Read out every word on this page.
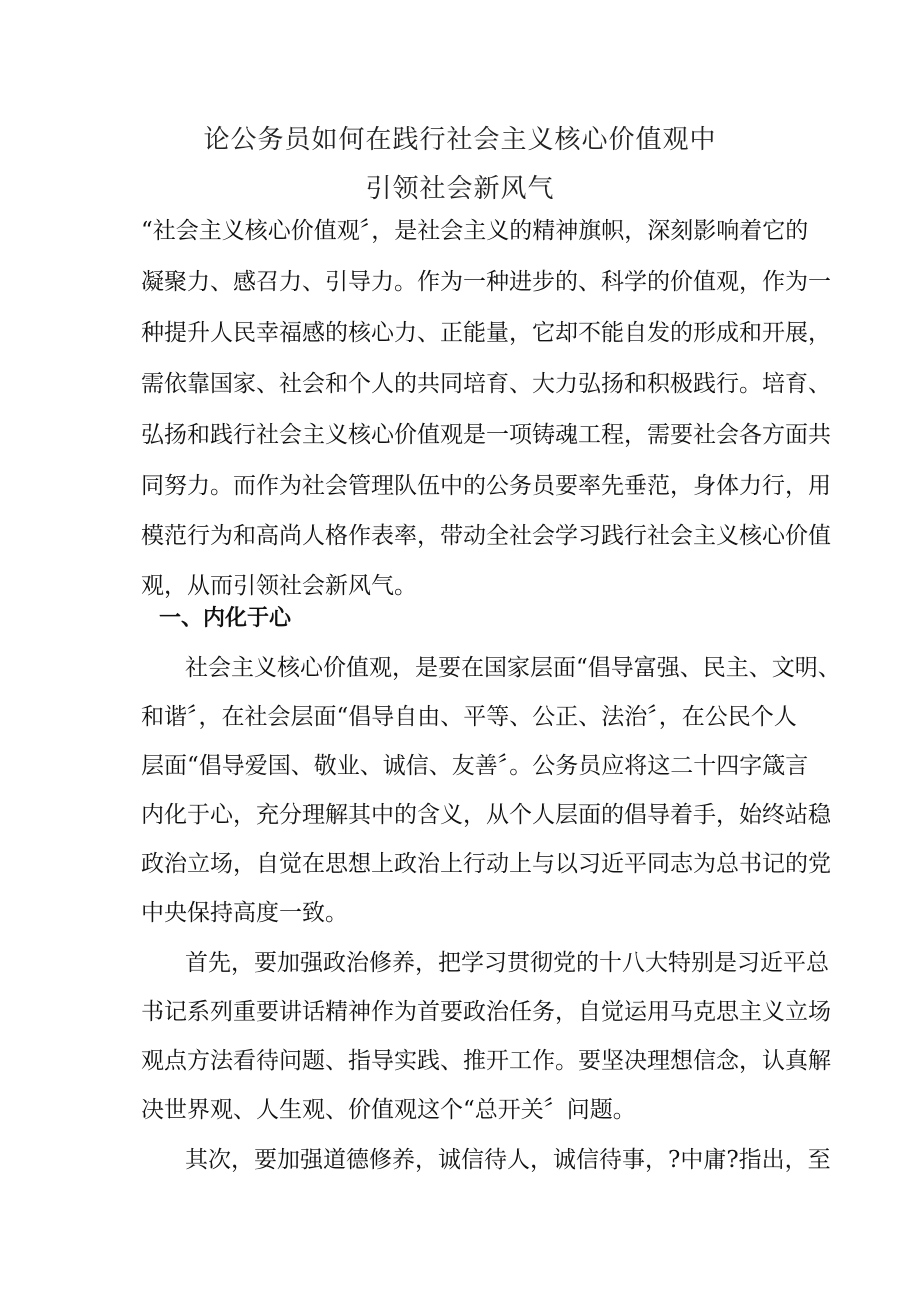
论公务员如何在践行社会主义核心价值观中
引领社会新风气
“社会主义核心价值观〞，是社会主义的精神旗帜，深刻影响着它的
凝聚力、感召力、引导力。作为一种进步的、科学的价值观，作为一
种提升人民幸福感的核心力、正能量，它却不能自发的形成和开展，
需依靠国家、社会和个人的共同培育、大力弘扬和积极践行。培育、
弘扬和践行社会主义核心价值观是一项铸魂工程，需要社会各方面共
同努力。而作为社会管理队伍中的公务员要率先垂范，身体力行，用
模范行为和高尚人格作表率，带动全社会学习践行社会主义核心价值
观，从而引领社会新风气。
一、内化于心
社会主义核心价值观，是要在国家层面“倡导富强、民主、文明、
和谐〞，在社会层面“倡导自由、平等、公正、法治〞，在公民个人
层面“倡导爱国、敬业、诚信、友善〞。公务员应将这二十四字箴言
内化于心，充分理解其中的含义，从个人层面的倡导着手，始终站稳
政治立场，自觉在思想上政治上行动上与以习近平同志为总书记的党
中央保持高度一致。
首先，要加强政治修养，把学习贯彻党的十八大特别是习近平总
书记系列重要讲话精神作为首要政治任务，自觉运用马克思主义立场
观点方法看待问题、指导实践、推开工作。要坚决理想信念，认真解
决世界观、人生观、价值观这个“总开关〞问题。
其次，要加强道德修养，诚信待人，诚信待事，?中庸?指出，至
